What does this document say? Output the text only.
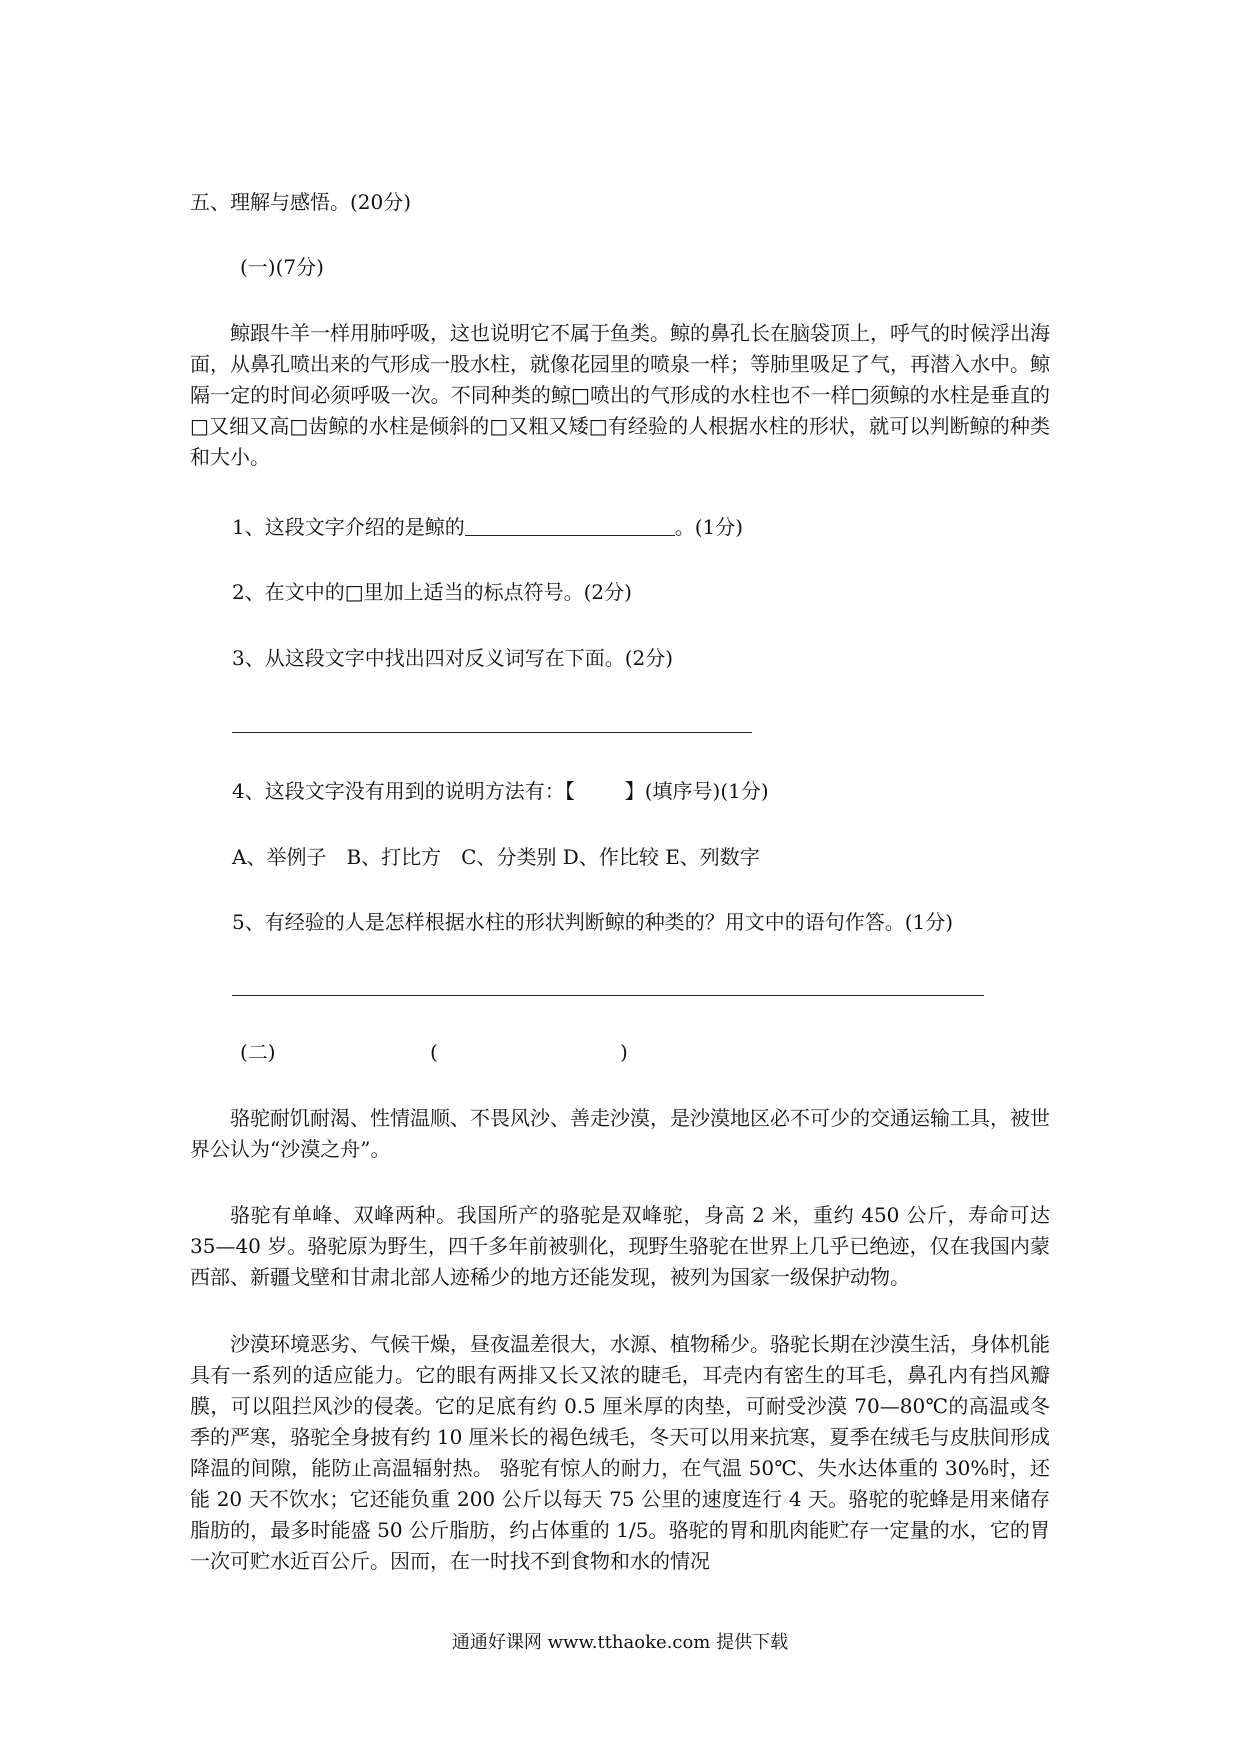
五、理解与感悟。(20分)
(一)(7分)
鲸跟牛羊一样用肺呼吸，这也说明它不属于鱼类。鲸的鼻孔长在脑袋顶上，呼气的时候浮出海面，从鼻孔喷出来的气形成一股水柱，就像花园里的喷泉一样；等肺里吸足了气，再潜入水中。鲸隔一定的时间必须呼吸一次。不同种类的鲸□喷出的气形成的水柱也不一样□须鲸的水柱是垂直的□又细又高□齿鲸的水柱是倾斜的□又粗又矮□有经验的人根据水柱的形状，就可以判断鲸的种类和大小。
1、这段文字介绍的是鲸的	。(1分)
2、在文中的□里加上适当的标点符号。(2分)
3、从这段文字中找出四对反义词写在下面。(2分)
4、这段文字没有用到的说明方法有：【	】(填序号)(1分)
A、举例子　B、打比方　C、分类别 D、作比较 E、列数字
5、有经验的人是怎样根据水柱的形状判断鲸的种类的？用文中的语句作答。(1分)
(二)	(	)
骆驼耐饥耐渴、性情温顺、不畏风沙、善走沙漠，是沙漠地区必不可少的交通运输工具，被世界公认为“沙漠之舟”。
骆驼有单峰、双峰两种。我国所产的骆驼是双峰驼，身高 2 米，重约 450 公斤，寿命可达 35—40 岁。骆驼原为野生，四千多年前被驯化，现野生骆驼在世界上几乎已绝迹，仅在我国内蒙西部、新疆戈壁和甘肃北部人迹稀少的地方还能发现，被列为国家一级保护动物。
沙漠环境恶劣、气候干燥，昼夜温差很大，水源、植物稀少。骆驼长期在沙漠生活，身体机能具有一系列的适应能力。它的眼有两排又长又浓的睫毛，耳壳内有密生的耳毛，鼻孔内有挡风瓣膜，可以阻拦风沙的侵袭。它的足底有约 0.5 厘米厚的肉垫，可耐受沙漠 70—80℃的高温或冬季的严寒，骆驼全身披有约 10 厘米长的褐色绒毛，冬天可以用来抗寒，夏季在绒毛与皮肤间形成降温的间隙，能防止高温辐射热。 骆驼有惊人的耐力，在气温 50℃、失水达体重的 30%时，还能 20 天不饮水；它还能负重 200 公斤以每天 75 公里的速度连行 4 天。骆驼的驼蜂是用来储存脂肪的，最多时能盛 50 公斤脂肪，约占体重的 1/5。骆驼的胃和肌肉能贮存一定量的水，它的胃一次可贮水近百公斤。因而，在一时找不到食物和水的情况
通通好课网 www.tthaoke.com 提供下载
